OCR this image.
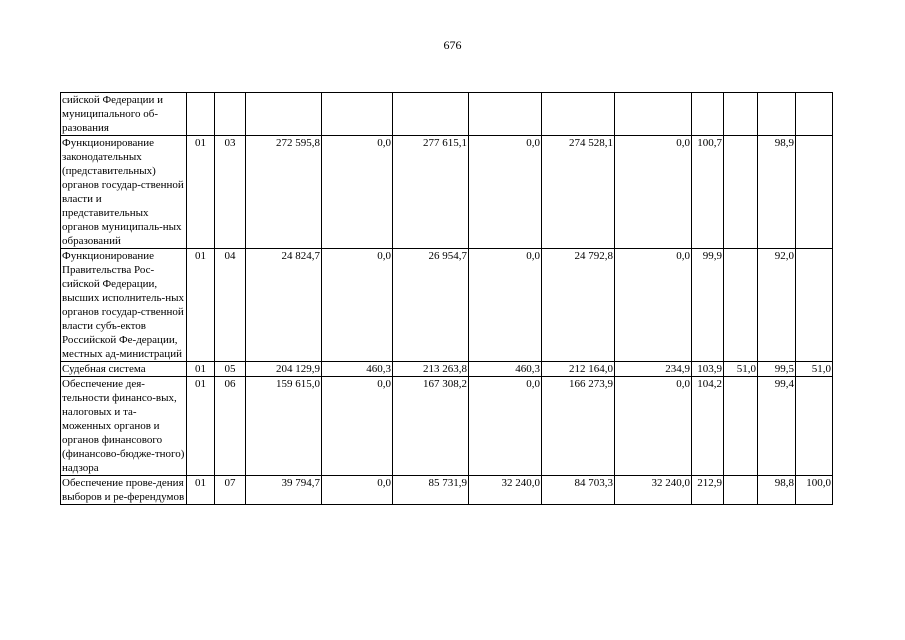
676
сийской Федерации и муниципального об-разования												
Функционирование законодательных (представительных) органов государ-ственной власти и представительных органов муниципаль-ных образований	01	03	272 595,8	0,0	277 615,1	0,0	274 528,1	0,0	100,7		98,9	
Функционирование Правительства Рос-сийской Федерации, высших исполнитель-ных органов государ-ственной власти субъ-ектов Российской Фе-дерации, местных ад-министраций	01	04	24 824,7	0,0	26 954,7	0,0	24 792,8	0,0	99,9		92,0	
Судебная система	01	05	204 129,9	460,3	213 263,8	460,3	212 164,0	234,9	103,9	51,0	99,5	51,0
Обеспечение дея-тельности финансо-вых, налоговых и та-моженных органов и органов финансового (финансово-бюдже-тного) надзора	01	06	159 615,0	0,0	167 308,2	0,0	166 273,9	0,0	104,2		99,4	
Обеспечение прове-дения выборов и ре-ферендумов	01	07	39 794,7	0,0	85 731,9	32 240,0	84 703,3	32 240,0	212,9		98,8	100,0
